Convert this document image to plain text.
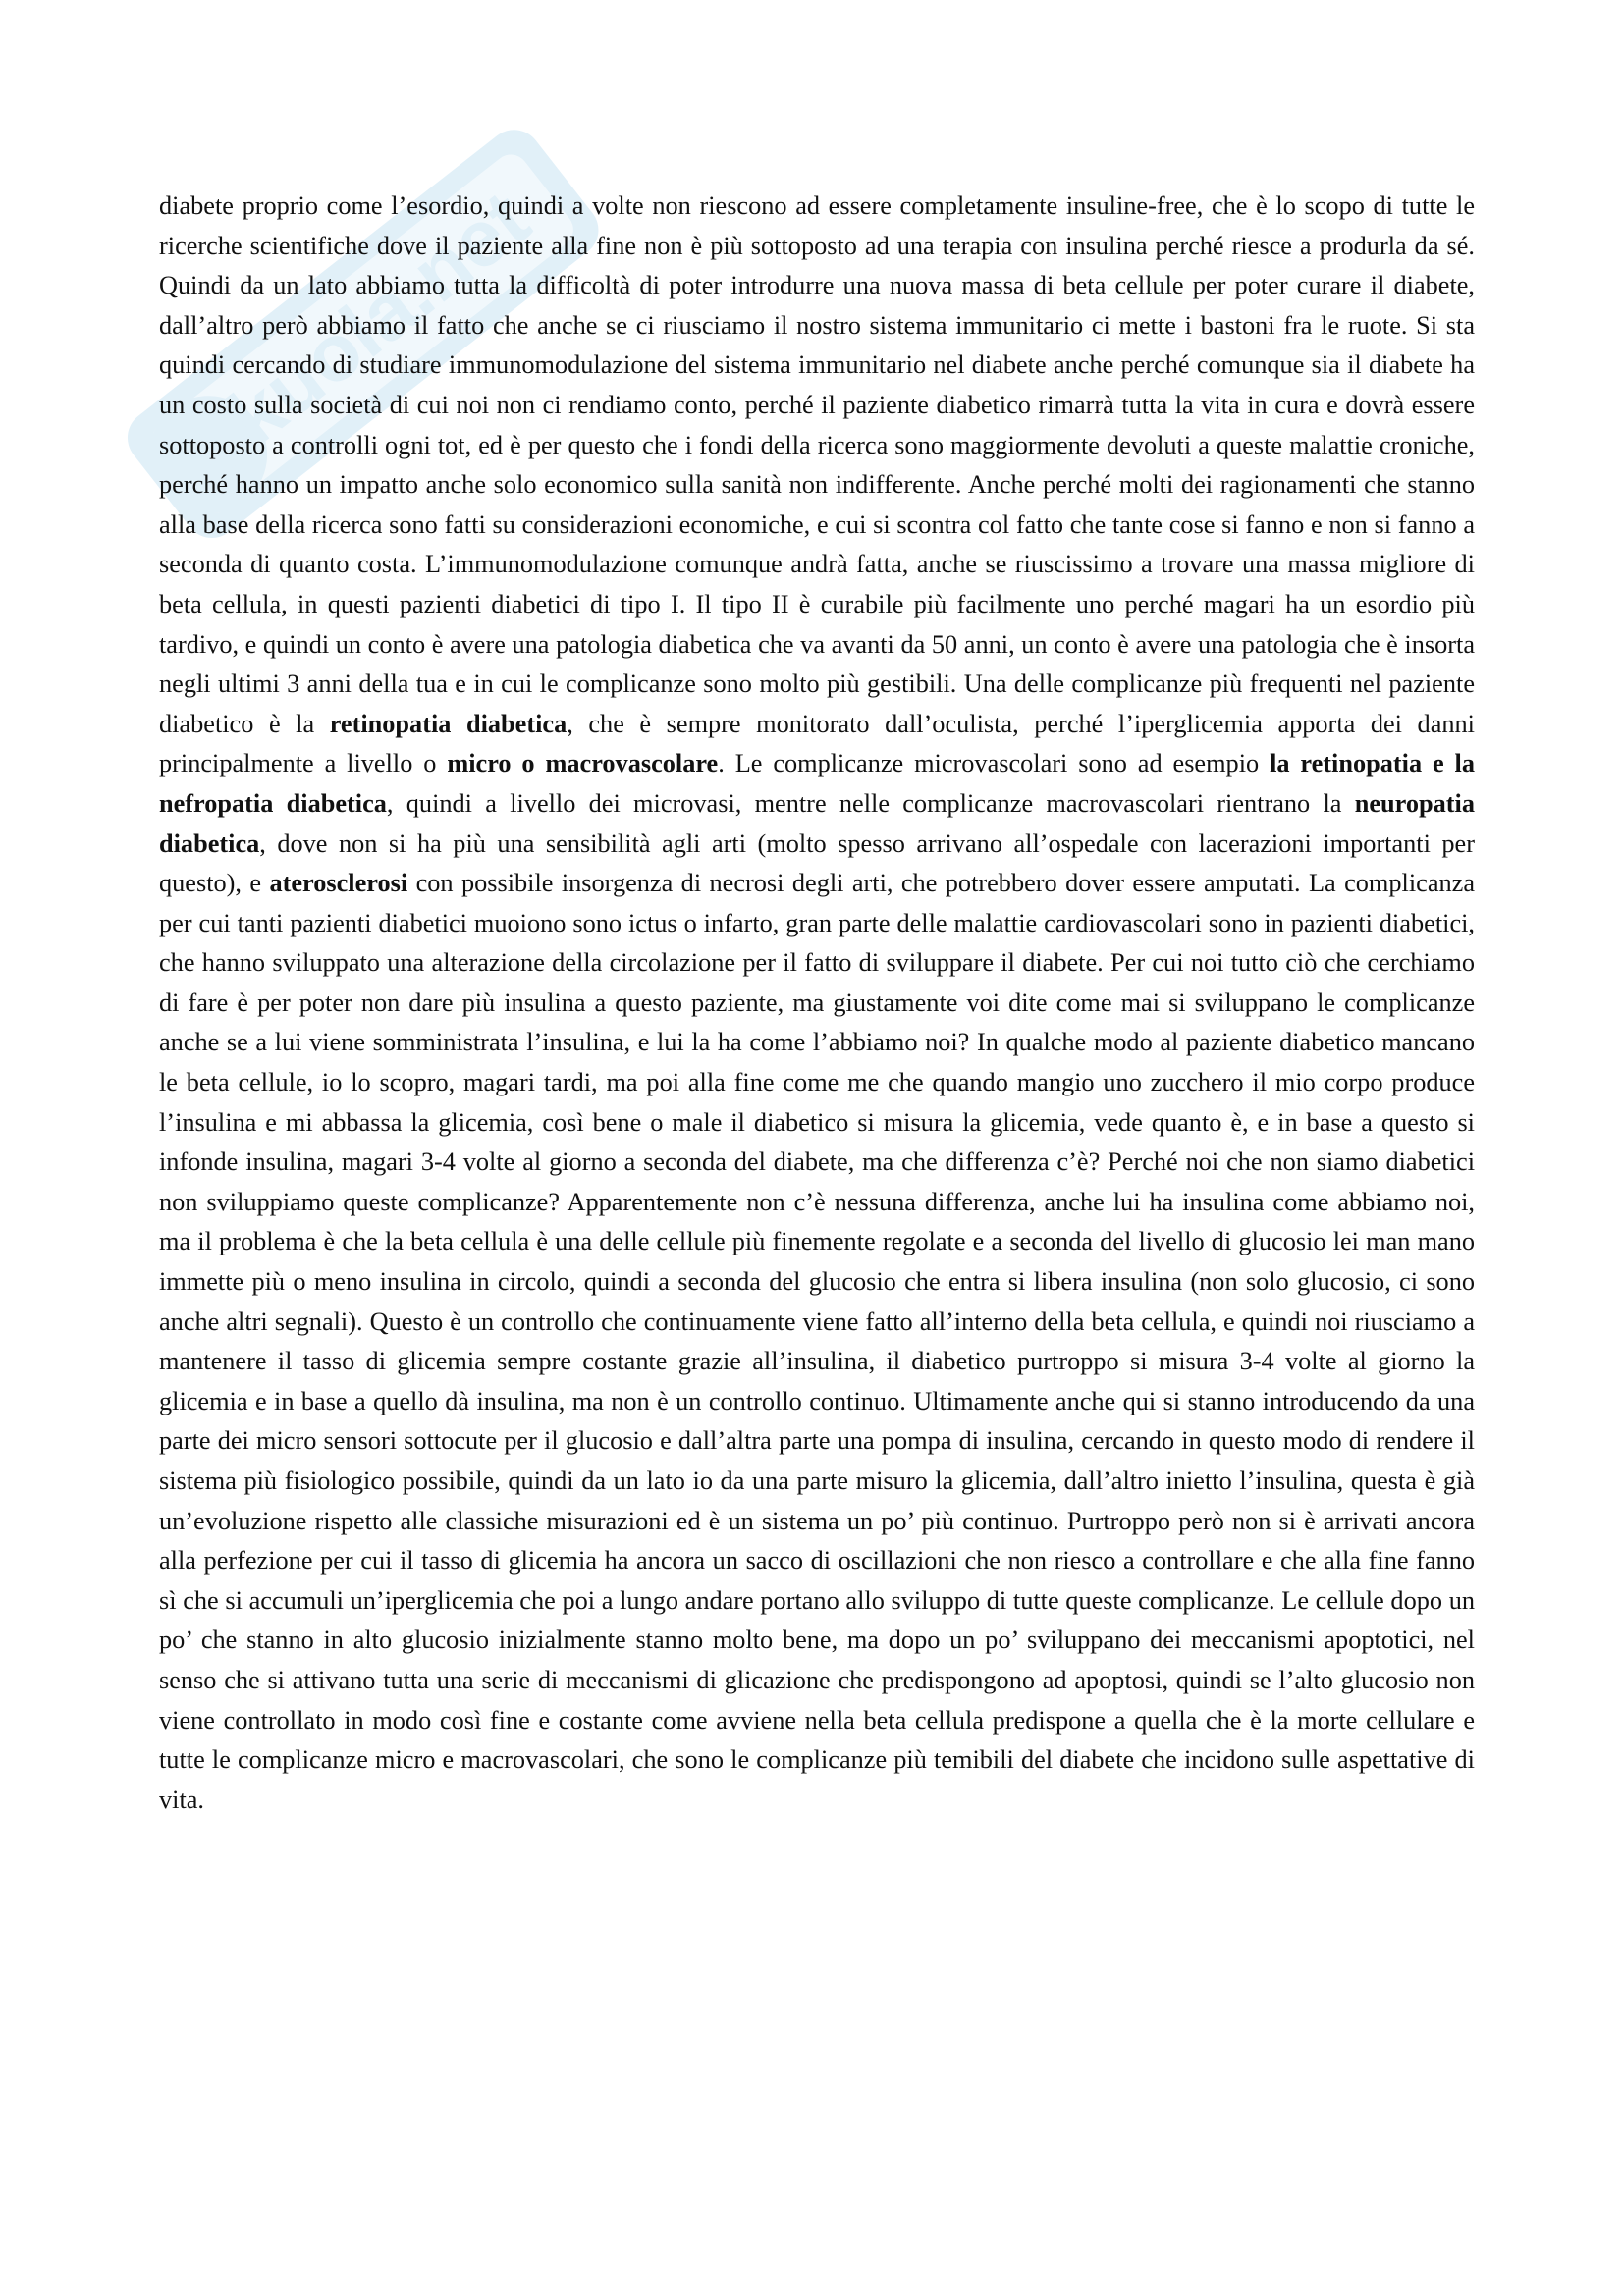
Skuola.net

diabete proprio come l’esordio, quindi a volte non riescono ad essere completamente insuline-free, che è lo scopo di tutte le ricerche scientifiche dove il paziente alla fine non è più sottoposto ad una terapia con insulina perché riesce a produrla da sé. Quindi da un lato abbiamo tutta la difficoltà di poter introdurre una nuova massa di beta cellule per poter curare il diabete, dall’altro però abbiamo il fatto che anche se ci riusciamo il nostro sistema immunitario ci mette i bastoni fra le ruote. Si sta quindi cercando di studiare immunomodulazione del sistema immunitario nel diabete anche perché comunque sia il diabete ha un costo sulla società di cui noi non ci rendiamo conto, perché il paziente diabetico rimarrà tutta la vita in cura e dovrà essere sottoposto a controlli ogni tot, ed è per questo che i fondi della ricerca sono maggiormente devoluti a queste malattie croniche, perché hanno un impatto anche solo economico sulla sanità non indifferente. Anche perché molti dei ragionamenti che stanno alla base della ricerca sono fatti su considerazioni economiche, e cui si scontra col fatto che tante cose si fanno e non si fanno a seconda di quanto costa. L’immunomodulazione comunque andrà fatta, anche se riuscissimo a trovare una massa migliore di beta cellula, in questi pazienti diabetici di tipo I. Il tipo II è curabile più facilmente uno perché magari ha un esordio più tardivo, e quindi un conto è avere una patologia diabetica che va avanti da 50 anni, un conto è avere una patologia che è insorta negli ultimi 3 anni della tua e in cui le complicanze sono molto più gestibili. Una delle complicanze più frequenti nel paziente diabetico è la retinopatia diabetica, che è sempre monitorato dall’oculista, perché l’iperglicemia apporta dei danni principalmente a livello o micro o macrovascolare. Le complicanze microvascolari sono ad esempio la retinopatia e la nefropatia diabetica, quindi a livello dei microvasi, mentre nelle complicanze macrovascolari rientrano la neuropatia diabetica, dove non si ha più una sensibilità agli arti (molto spesso arrivano all’ospedale con lacerazioni importanti per questo), e aterosclerosi con possibile insorgenza di necrosi degli arti, che potrebbero dover essere amputati. La complicanza per cui tanti pazienti diabetici muoiono sono ictus o infarto, gran parte delle malattie cardiovascolari sono in pazienti diabetici, che hanno sviluppato una alterazione della circolazione per il fatto di sviluppare il diabete. Per cui noi tutto ciò che cerchiamo di fare è per poter non dare più insulina a questo paziente, ma giustamente voi dite come mai si sviluppano le complicanze anche se a lui viene somministrata l’insulina, e lui la ha come l’abbiamo noi? In qualche modo al paziente diabetico mancano le beta cellule, io lo scopro, magari tardi, ma poi alla fine come me che quando mangio uno zucchero il mio corpo produce l’insulina e mi abbassa la glicemia, così bene o male il diabetico si misura la glicemia, vede quanto è, e in base a questo si infonde insulina, magari 3-4 volte al giorno a seconda del diabete, ma che differenza c’è? Perché noi che non siamo diabetici non sviluppiamo queste complicanze? Apparentemente non c’è nessuna differenza, anche lui ha insulina come abbiamo noi, ma il problema è che la beta cellula è una delle cellule più finemente regolate e a seconda del livello di glucosio lei man mano immette più o meno insulina in circolo, quindi a seconda del glucosio che entra si libera insulina (non solo glucosio, ci sono anche altri segnali). Questo è un controllo che continuamente viene fatto all’interno della beta cellula, e quindi noi riusciamo a mantenere il tasso di glicemia sempre costante grazie all’insulina, il diabetico purtroppo si misura 3-4 volte al giorno la glicemia e in base a quello dà insulina, ma non è un controllo continuo. Ultimamente anche qui si stanno introducendo da una parte dei micro sensori sottocute per il glucosio e dall’altra parte una pompa di insulina, cercando in questo modo di rendere il sistema più fisiologico possibile, quindi da un lato io da una parte misuro la glicemia, dall’altro inietto l’insulina, questa è già un’evoluzione rispetto alle classiche misurazioni ed è un sistema un po’ più continuo. Purtroppo però non si è arrivati ancora alla perfezione per cui il tasso di glicemia ha ancora un sacco di oscillazioni che non riesco a controllare e che alla fine fanno sì che si accumuli un’iperglicemia che poi a lungo andare portano allo sviluppo di tutte queste complicanze. Le cellule dopo un po’ che stanno in alto glucosio inizialmente stanno molto bene, ma dopo un po’ sviluppano dei meccanismi apoptotici, nel senso che si attivano tutta una serie di meccanismi di glicazione che predispongono ad apoptosi, quindi se l’alto glucosio non viene controllato in modo così fine e costante come avviene nella beta cellula predispone a quella che è la morte cellulare e tutte le complicanze micro e macrovascolari, che sono le complicanze più temibili del diabete che incidono sulle aspettative di vita.
